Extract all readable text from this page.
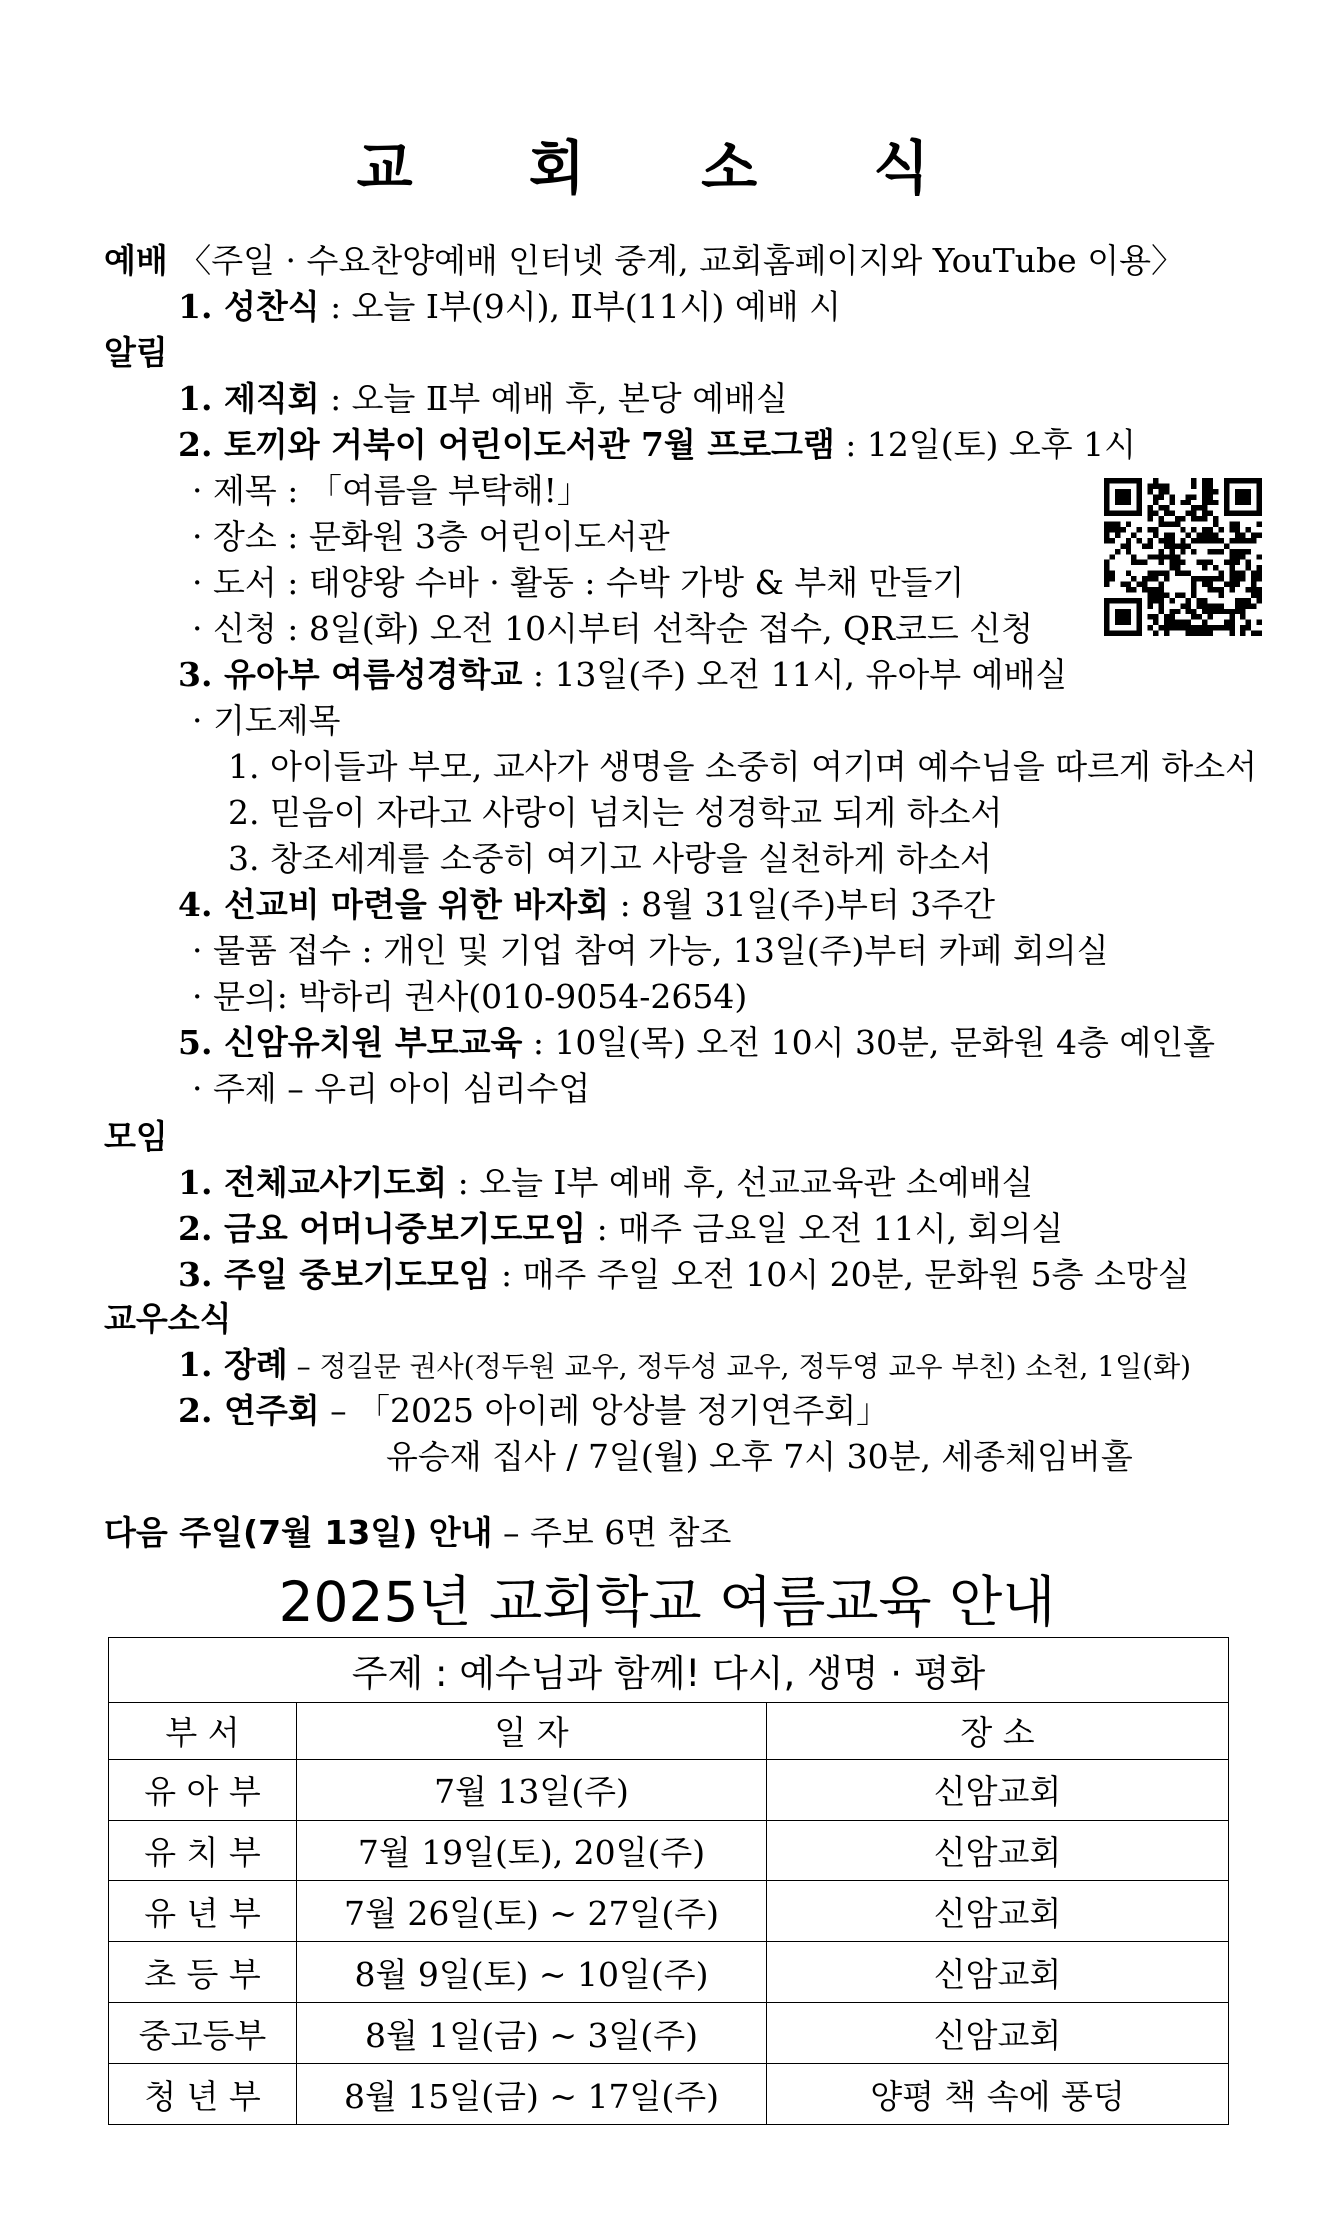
교 회 소 식
예배 〈주일 · 수요찬양예배 인터넷 중계, 교회홈페이지와 YouTube 이용〉
1. 성찬식 : 오늘 Ⅰ부(9시), Ⅱ부(11시) 예배 시
알림
1. 제직회 : 오늘 Ⅱ부 예배 후, 본당 예배실
2. 토끼와 거북이 어린이도서관 7월 프로그램 : 12일(토) 오후 1시
· 제목 : 「여름을 부탁해!」
· 장소 : 문화원 3층 어린이도서관
· 도서 : 태양왕 수바 · 활동 : 수박 가방 & 부채 만들기
· 신청 : 8일(화) 오전 10시부터 선착순 접수, QR코드 신청
3. 유아부 여름성경학교 : 13일(주) 오전 11시, 유아부 예배실
· 기도제목
1. 아이들과 부모, 교사가 생명을 소중히 여기며 예수님을 따르게 하소서
2. 믿음이 자라고 사랑이 넘치는 성경학교 되게 하소서
3. 창조세계를 소중히 여기고 사랑을 실천하게 하소서
4. 선교비 마련을 위한 바자회 : 8월 31일(주)부터 3주간
· 물품 접수 : 개인 및 기업 참여 가능, 13일(주)부터 카페 회의실
· 문의: 박하리 권사(010-9054-2654)
5. 신암유치원 부모교육 : 10일(목) 오전 10시 30분, 문화원 4층 예인홀
· 주제 – 우리 아이 심리수업
모임
1. 전체교사기도회 : 오늘 Ⅰ부 예배 후, 선교교육관 소예배실
2. 금요 어머니중보기도모임 : 매주 금요일 오전 11시, 회의실
3. 주일 중보기도모임 : 매주 주일 오전 10시 20분, 문화원 5층 소망실
교우소식
1. 장례 – 정길문 권사(정두원 교우, 정두성 교우, 정두영 교우 부친) 소천, 1일(화)
2. 연주회 – 「2025 아이레 앙상블 정기연주회」
유승재 집사 / 7일(월) 오후 7시 30분, 세종체임버홀
다음 주일(7월 13일) 안내 – 주보 6면 참조
2025년 교회학교 여름교육 안내
주제 : 예수님과 함께! 다시, 생명 · 평화		
부 서	일 자	장 소
유 아 부	7월 13일(주)	신암교회
유 치 부	7월 19일(토), 20일(주)	신암교회
유 년 부	7월 26일(토) ~ 27일(주)	신암교회
초 등 부	8월 9일(토) ~ 10일(주)	신암교회
중고등부	8월 1일(금) ~ 3일(주)	신암교회
청 년 부	8월 15일(금) ~ 17일(주)	양평 책 속에 풍덩
